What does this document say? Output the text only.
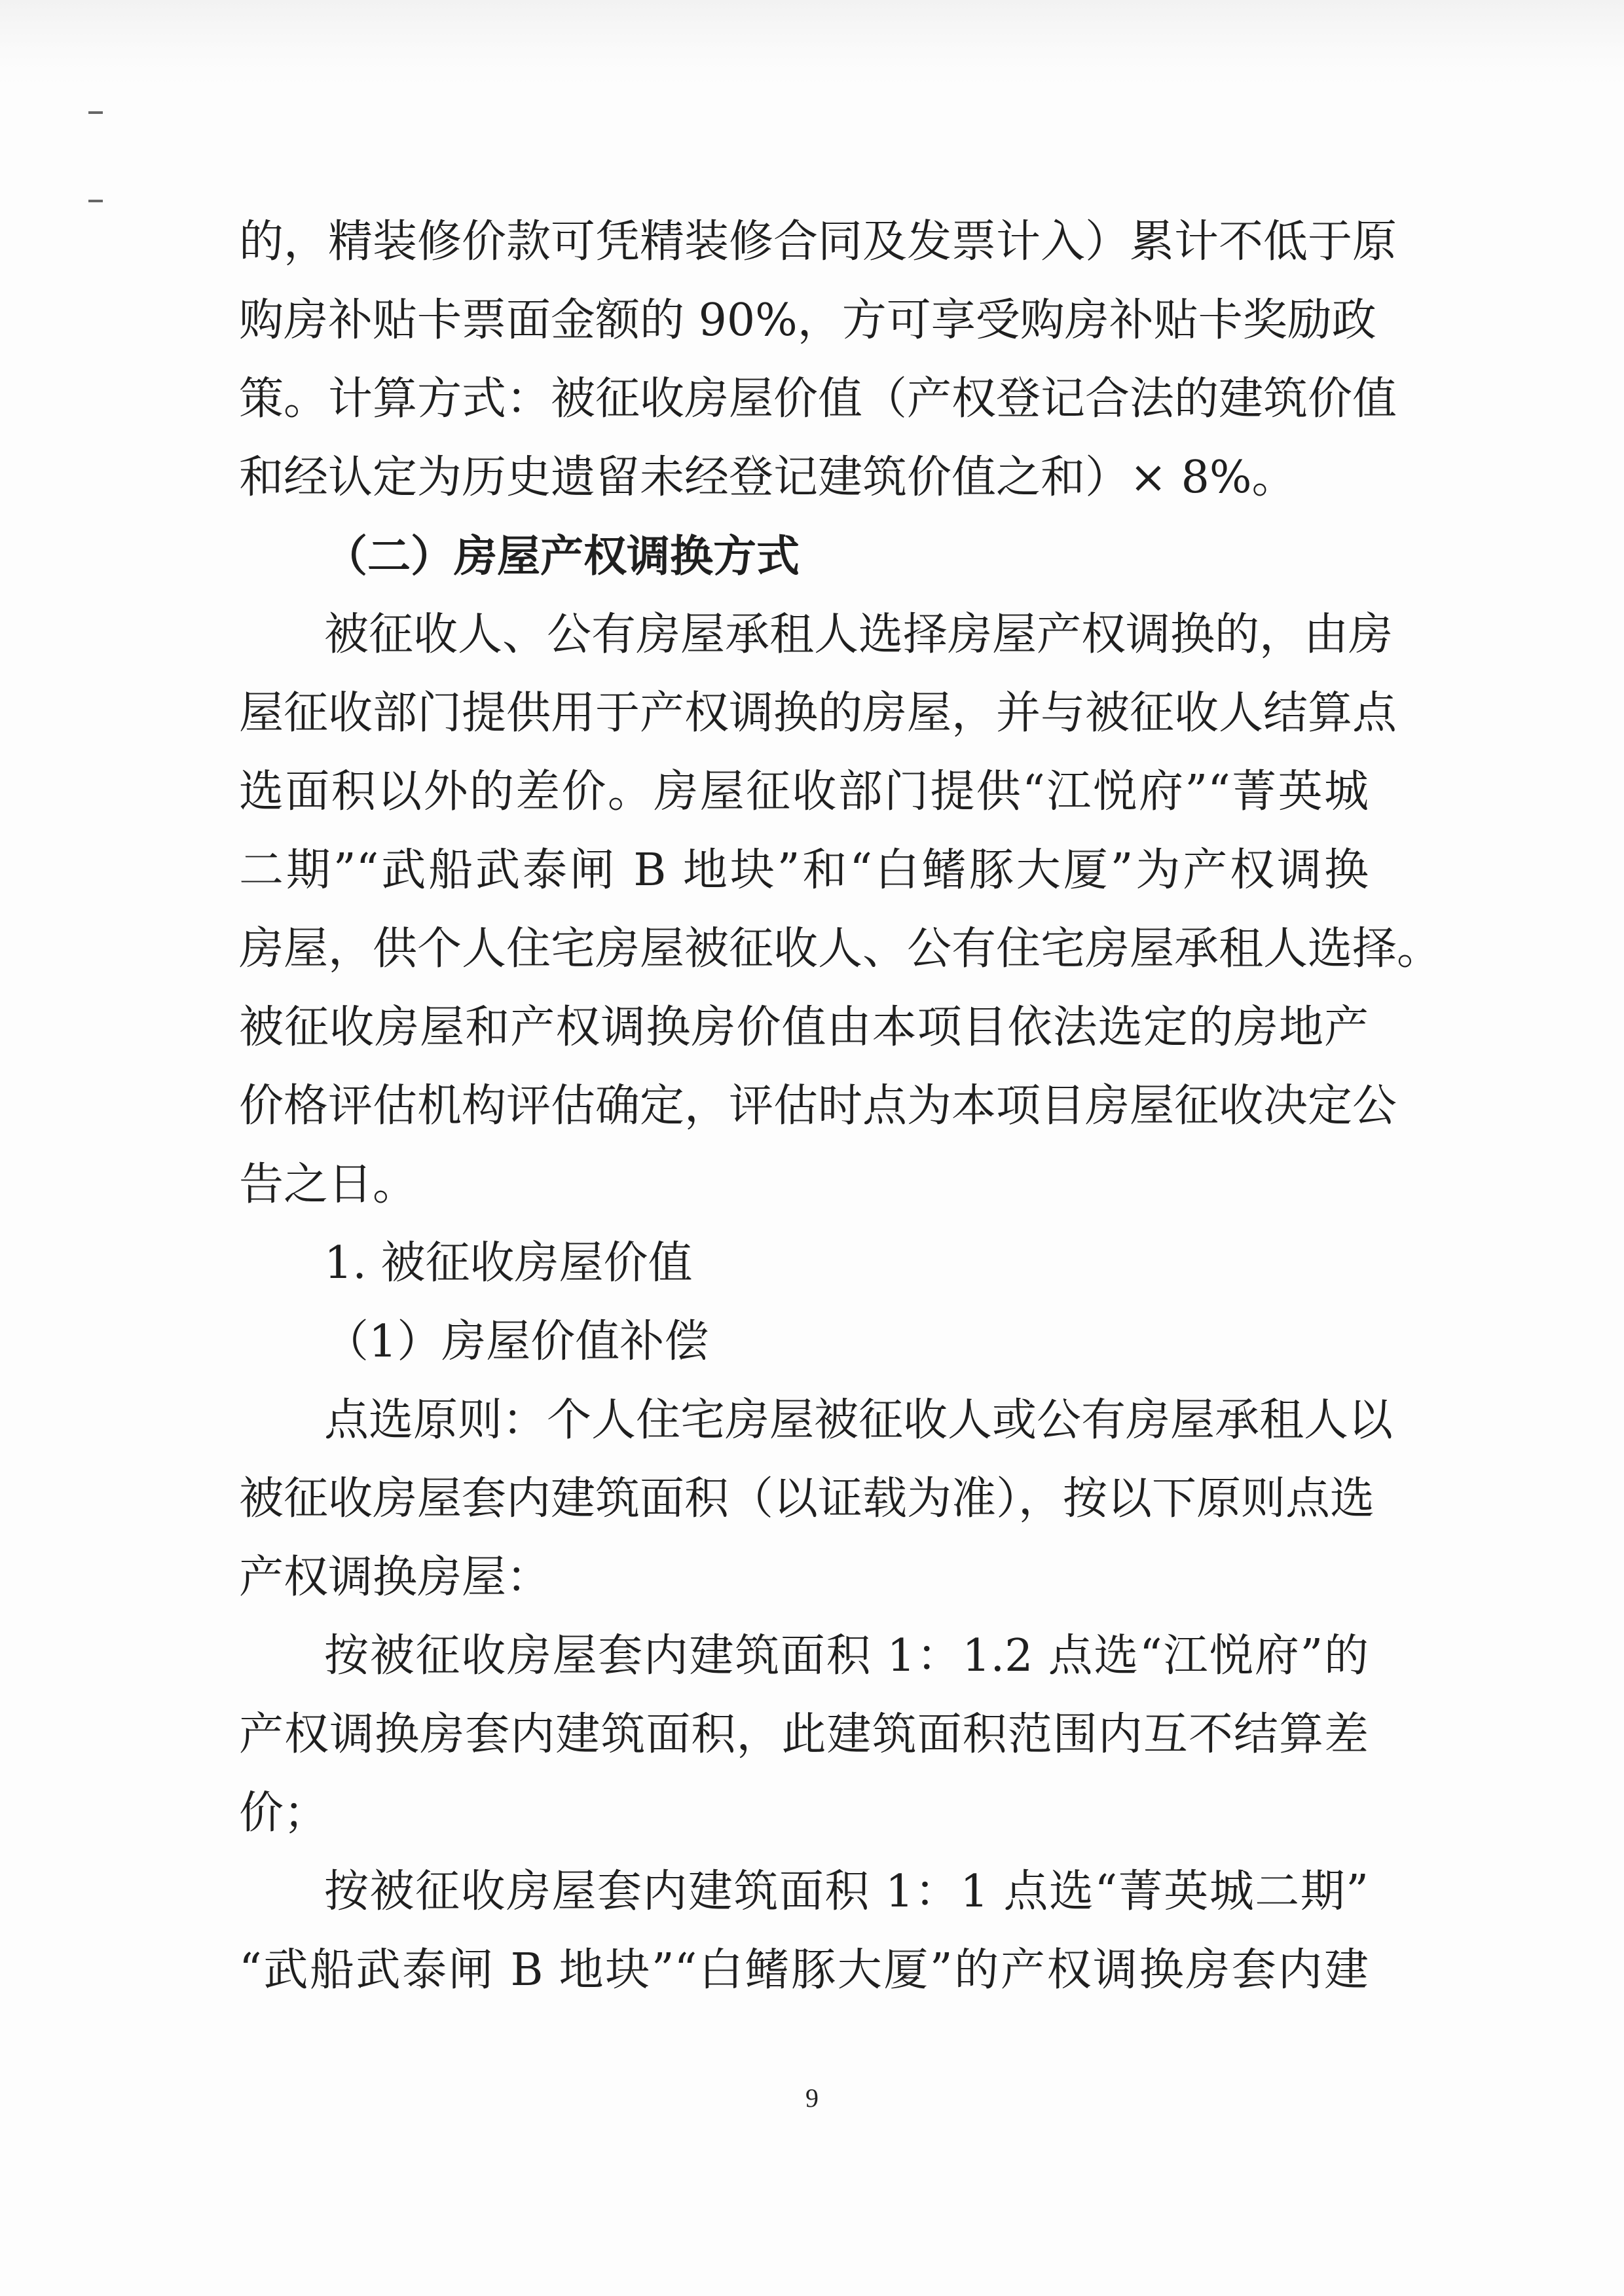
的，精装修价款可凭精装修合同及发票计入）累计不低于原
购房补贴卡票面金额的 90%，方可享受购房补贴卡奖励政
策。计算方式：被征收房屋价值（产权登记合法的建筑价值
和经认定为历史遗留未经登记建筑价值之和）× 8%。
（二）房屋产权调换方式
被征收人、公有房屋承租人选择房屋产权调换的，由房
屋征收部门提供用于产权调换的房屋，并与被征收人结算点
选面积以外的差价。房屋征收部门提供“江悦府”“菁英城
二期”“武船武泰闸 B 地块”和“白鳍豚大厦”为产权调换
房屋，供个人住宅房屋被征收人、公有住宅房屋承租人选择。
被征收房屋和产权调换房价值由本项目依法选定的房地产
价格评估机构评估确定，评估时点为本项目房屋征收决定公
告之日。
1. 被征收房屋价值
（1）房屋价值补偿
点选原则：个人住宅房屋被征收人或公有房屋承租人以
被征收房屋套内建筑面积（以证载为准），按以下原则点选
产权调换房屋：
按被征收房屋套内建筑面积 1：1.2 点选“江悦府”的
产权调换房套内建筑面积，此建筑面积范围内互不结算差
价；
按被征收房屋套内建筑面积 1：1 点选“菁英城二期”
“武船武泰闸 B 地块”“白鳍豚大厦”的产权调换房套内建
9
